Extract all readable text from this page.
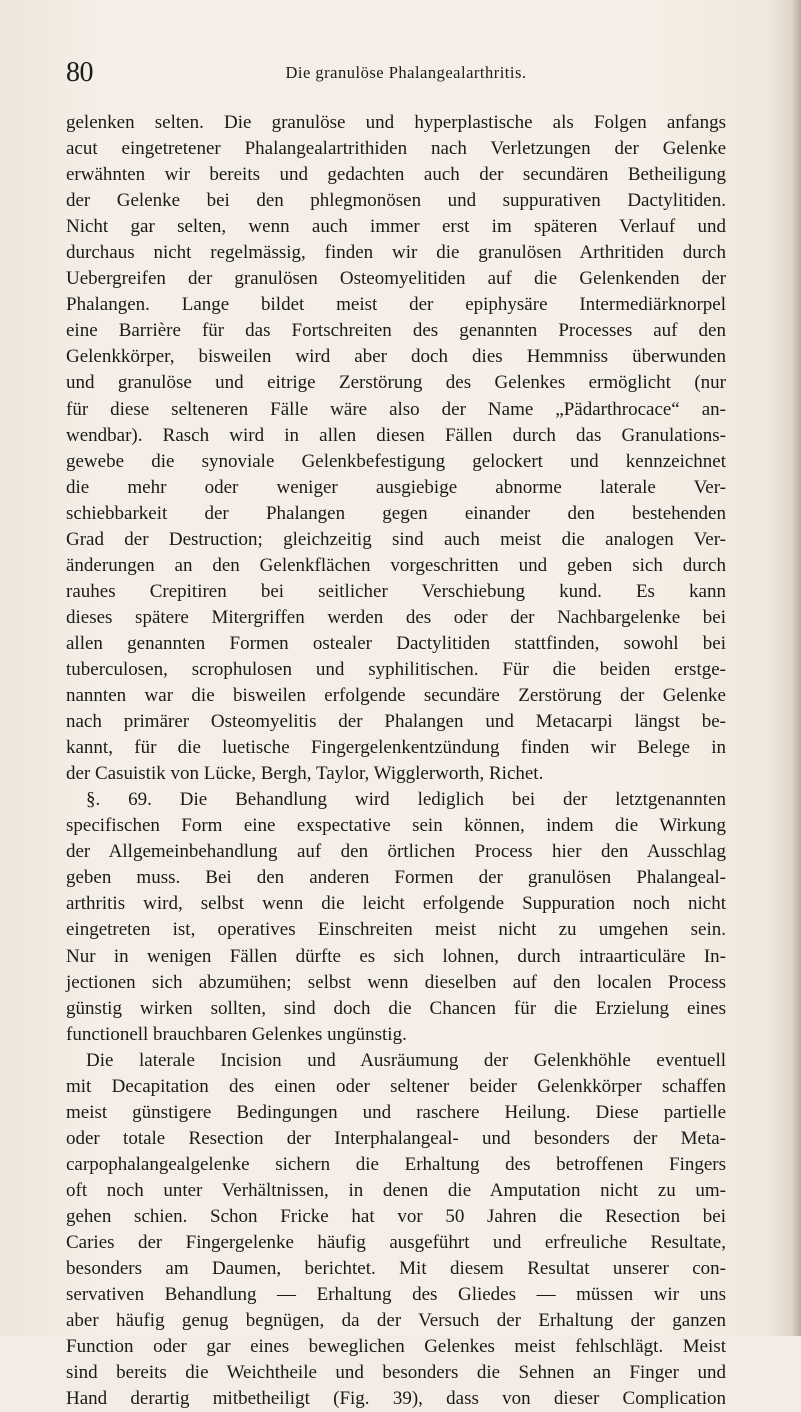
80	Die granulöse Phalangealarthritis.
gelenken selten. Die granulöse und hyperplastische als Folgen anfangs
acut eingetretener Phalangealartrithiden nach Verletzungen der Gelenke
erwähnten wir bereits und gedachten auch der secundären Betheiligung
der Gelenke bei den phlegmonösen und suppurativen Dactylitiden.
Nicht gar selten, wenn auch immer erst im späteren Verlauf und
durchaus nicht regelmässig, finden wir die granulösen Arthritiden durch
Uebergreifen der granulösen Osteomyelitiden auf die Gelenkenden der
Phalangen. Lange bildet meist der epiphysäre Intermediärknorpel
eine Barrière für das Fortschreiten des genannten Processes auf den
Gelenkkörper, bisweilen wird aber doch dies Hemmniss überwunden
und granulöse und eitrige Zerstörung des Gelenkes ermöglicht (nur
für diese selteneren Fälle wäre also der Name „Pädarthrocace“ an-
wendbar). Rasch wird in allen diesen Fällen durch das Granulations-
gewebe die synoviale Gelenkbefestigung gelockert und kennzeichnet
die mehr oder weniger ausgiebige abnorme laterale Ver-
schiebbarkeit der Phalangen gegen einander den bestehenden
Grad der Destruction; gleichzeitig sind auch meist die analogen Ver-
änderungen an den Gelenkflächen vorgeschritten und geben sich durch
rauhes Crepitiren bei seitlicher Verschiebung kund. Es kann
dieses spätere Mitergriffen werden des oder der Nachbargelenke bei
allen genannten Formen ostealer Dactylitiden stattfinden, sowohl bei
tuberculosen, scrophulosen und syphilitischen. Für die beiden erstge-
nannten war die bisweilen erfolgende secundäre Zerstörung der Gelenke
nach primärer Osteomyelitis der Phalangen und Metacarpi längst be-
kannt, für die luetische Fingergelenkentzündung finden wir Belege in
der Casuistik von Lücke, Bergh, Taylor, Wigglerworth, Richet.
§. 69. Die Behandlung wird lediglich bei der letztgenannten
specifischen Form eine exspectative sein können, indem die Wirkung
der Allgemeinbehandlung auf den örtlichen Process hier den Ausschlag
geben muss. Bei den anderen Formen der granulösen Phalangeal-
arthritis wird, selbst wenn die leicht erfolgende Suppuration noch nicht
eingetreten ist, operatives Einschreiten meist nicht zu umgehen sein.
Nur in wenigen Fällen dürfte es sich lohnen, durch intraarticuläre In-
jectionen sich abzumühen; selbst wenn dieselben auf den localen Process
günstig wirken sollten, sind doch die Chancen für die Erzielung eines
functionell brauchbaren Gelenkes ungünstig.
Die laterale Incision und Ausräumung der Gelenkhöhle eventuell
mit Decapitation des einen oder seltener beider Gelenkkörper schaffen
meist günstigere Bedingungen und raschere Heilung. Diese partielle
oder totale Resection der Interphalangeal- und besonders der Meta-
carpophalangealgelenke sichern die Erhaltung des betroffenen Fingers
oft noch unter Verhältnissen, in denen die Amputation nicht zu um-
gehen schien. Schon Fricke hat vor 50 Jahren die Resection bei
Caries der Fingergelenke häufig ausgeführt und erfreuliche Resultate,
besonders am Daumen, berichtet. Mit diesem Resultat unserer con-
servativen Behandlung — Erhaltung des Gliedes — müssen wir uns
aber häufig genug begnügen, da der Versuch der Erhaltung der ganzen
Function oder gar eines beweglichen Gelenkes meist fehlschlägt. Meist
sind bereits die Weichtheile und besonders die Sehnen an Finger und
Hand derartig mitbetheiligt (Fig. 39), dass von dieser Complication
